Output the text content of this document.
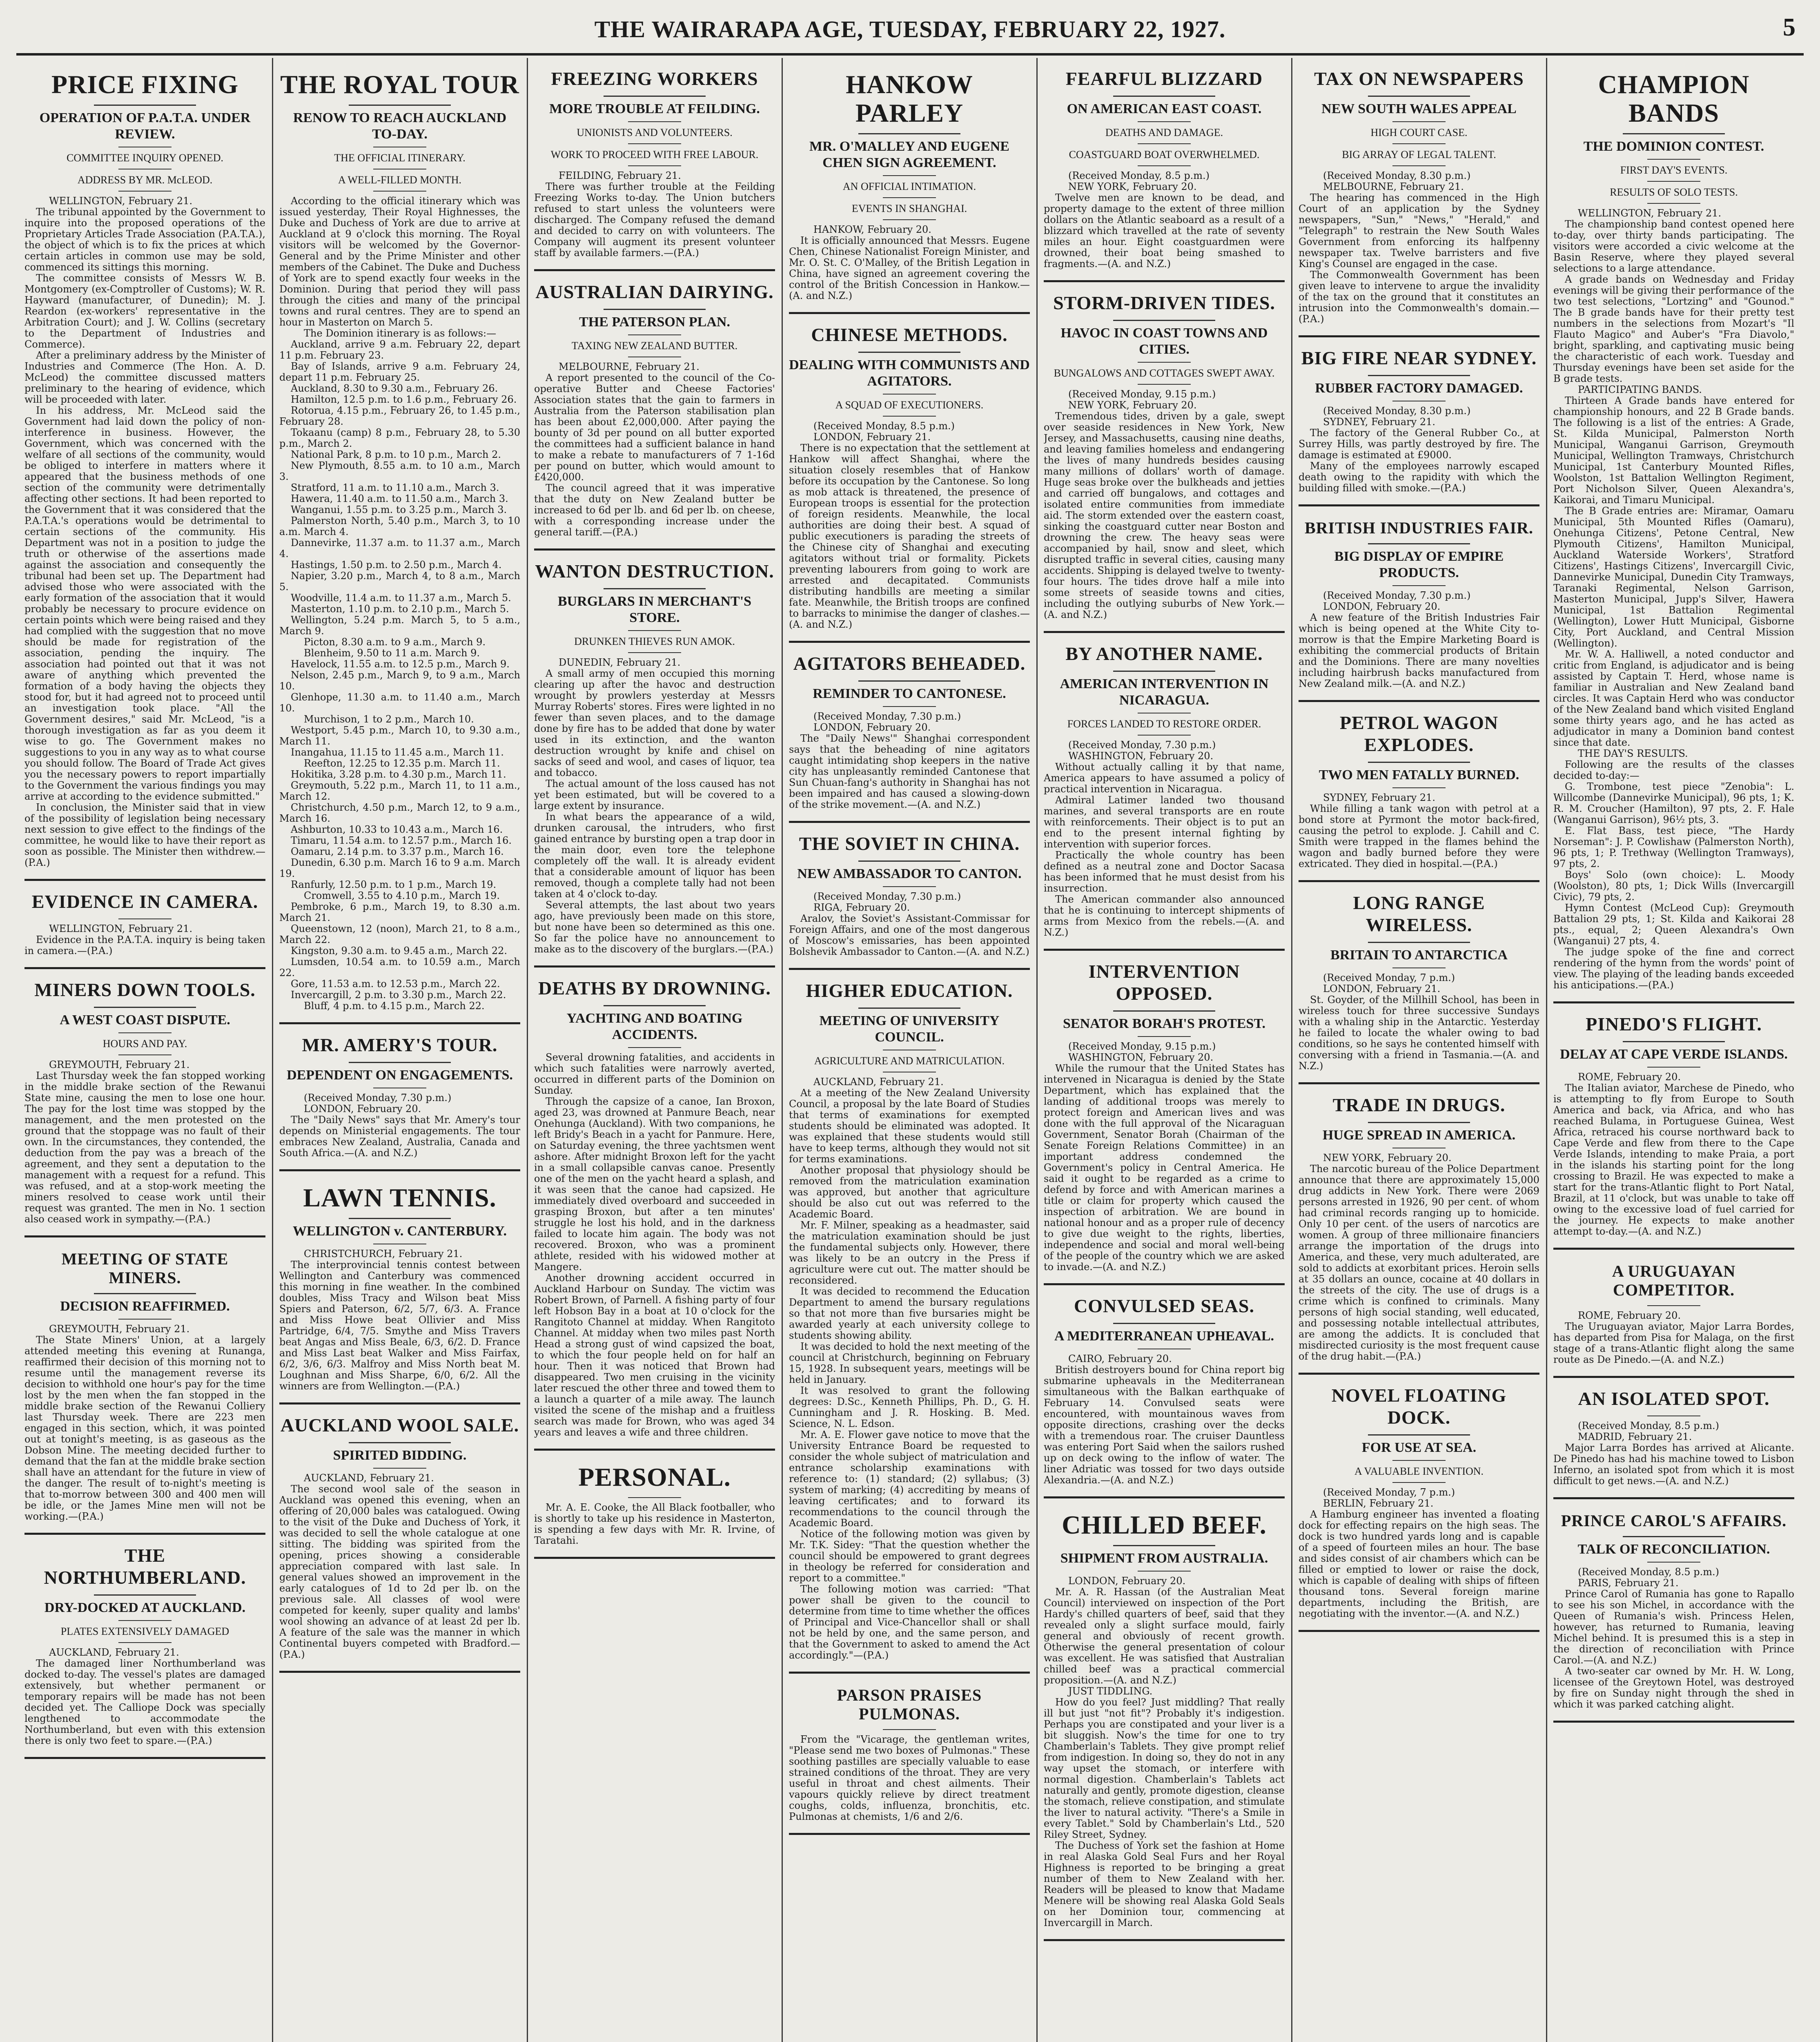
THE WAIRARAPA AGE, TUESDAY, FEBRUARY 22, 1927.	5
PRICE FIXING
OPERATION OF P.A.T.A. UNDER REVIEW.
COMMITTEE INQUIRY OPENED.
ADDRESS BY MR. McLEOD.

WELLINGTON, February 21.

The tribunal appointed by the Government to inquire into the proposed operations of the Proprietary Articles Trade Association (P.A.T.A.), the object of which is to fix the prices at which certain articles in common use may be sold, commenced its sittings this morning.

The committee consists of Messrs W. B. Montgomery (ex-Comptroller of Customs); W. R. Hayward (manufacturer, of Dunedin); M. J. Reardon (ex-workers' representative in the Arbitration Court); and J. W. Collins (secretary to the Department of Industries and Commerce).

After a preliminary address by the Minister of Industries and Commerce (The Hon. A. D. McLeod) the committee discussed matters preliminary to the hearing of evidence, which will be proceeded with later.

In his address, Mr. McLeod said the Government had laid down the policy of non-interference in business. However, the Government, which was concerned with the welfare of all sections of the community, would be obliged to interfere in matters where it appeared that the business methods of one section of the community were detrimentally affecting other sections. It had been reported to the Government that it was considered that the P.A.T.A.'s operations would be detrimental to certain sections of the community. His Department was not in a position to judge the truth or otherwise of the assertions made against the association and consequently the tribunal had been set up. The Department had advised those who were associated with the early formation of the association that it would probably be necessary to procure evidence on certain points which were being raised and they had complied with the suggestion that no move should be made for registration of the association, pending the inquiry. The association had pointed out that it was not aware of anything which prevented the formation of a body having the objects they stood for, but it had agreed not to proceed until an investigation took place. "All the Government desires," said Mr. McLeod, "is a thorough investigation as far as you deem it wise to go. The Government makes no suggestions to you in any way as to what course you should follow. The Board of Trade Act gives you the necessary powers to report impartially to the Government the various findings you may arrive at according to the evidence submitted."

In conclusion, the Minister said that in view of the possibility of legislation being necessary next session to give effect to the findings of the committee, he would like to have their report as soon as possible. The Minister then withdrew.—(P.A.)

EVIDENCE IN CAMERA.

WELLINGTON, February 21.

Evidence in the P.A.T.A. inquiry is being taken in camera.—(P.A.)

MINERS DOWN TOOLS.
A WEST COAST DISPUTE.
HOURS AND PAY.

GREYMOUTH, February 21.

Last Thursday week the fan stopped working in the middle brake section of the Rewanui State mine, causing the men to lose one hour. The pay for the lost time was stopped by the management, and the men protested on the ground that the stoppage was no fault of their own. In the circumstances, they contended, the deduction from the pay was a breach of the agreement, and they sent a deputation to the management with a request for a refund. This was refused, and at a stop-work meeting the miners resolved to cease work until their request was granted. The men in No. 1 section also ceased work in sympathy.—(P.A.)

MEETING OF STATE MINERS.
DECISION REAFFIRMED.

GREYMOUTH, February 21.

The State Miners' Union, at a largely attended meeting this evening at Runanga, reaffirmed their decision of this morning not to resume until the management reverse its decision to withhold one hour's pay for the time lost by the men when the fan stopped in the middle brake section of the Rewanui Colliery last Thursday week. There are 223 men engaged in this section, which, it was pointed out at tonight's meeting, is as gaseous as the Dobson Mine. The meeting decided further to demand that the fan at the middle brake section shall have an attendant for the future in view of the danger. The result of to-night's meeting is that to-morrow between 300 and 400 men will be idle, or the James Mine men will not be working.—(P.A.)

THE NORTHUMBERLAND.
DRY-DOCKED AT AUCKLAND.
PLATES EXTENSIVELY DAMAGED

AUCKLAND, February 21.

The damaged liner Northumberland was docked to-day. The vessel's plates are damaged extensively, but whether permanent or temporary repairs will be made has not been decided yet. The Calliope Dock was specially lengthened to accommodate the Northumberland, but even with this extension there is only two feet to spare.—(P.A.)

THE ROYAL TOUR
RENOW TO REACH AUCKLAND TO-DAY.
THE OFFICIAL ITINERARY.
A WELL-FILLED MONTH.

According to the official itinerary which was issued yesterday, Their Royal Highnesses, the Duke and Duchess of York are due to arrive at Auckland at 9 o'clock this morning. The Royal visitors will be welcomed by the Governor-General and by the Prime Minister and other members of the Cabinet. The Duke and Duchess of York are to spend exactly four weeks in the Dominion. During that period they will pass through the cities and many of the principal towns and rural centres. They are to spend an hour in Masterton on March 5.

The Dominion itinerary is as follows:—

Auckland, arrive 9 a.m. February 22, depart 11 p.m. February 23.

Bay of Islands, arrive 9 a.m. February 24, depart 11 p.m. February 25.

Auckland, 8.30 to 9.30 a.m., February 26.

Hamilton, 12.5 p.m. to 1.6 p.m., February 26.

Rotorua, 4.15 p.m., February 26, to 1.45 p.m., February 28.

Tokaanu (camp) 8 p.m., February 28, to 5.30 p.m., March 2.

National Park, 8 p.m. to 10 p.m., March 2.

New Plymouth, 8.55 a.m. to 10 a.m., March 3.

Stratford, 11 a.m. to 11.10 a.m., March 3.

Hawera, 11.40 a.m. to 11.50 a.m., March 3.

Wanganui, 1.55 p.m. to 3.25 p.m., March 3.

Palmerston North, 5.40 p.m., March 3, to 10 a.m. March 4.

Dannevirke, 11.37 a.m. to 11.37 a.m., March 4.

Hastings, 1.50 p.m. to 2.50 p.m., March 4.

Napier, 3.20 p.m., March 4, to 8 a.m., March 5.

Woodville, 11.4 a.m. to 11.37 a.m., March 5.

Masterton, 1.10 p.m. to 2.10 p.m., March 5.

Wellington, 5.24 p.m. March 5, to 5 a.m., March 9.

Picton, 8.30 a.m. to 9 a.m., March 9.

Blenheim, 9.50 to 11 a.m. March 9.

Havelock, 11.55 a.m. to 12.5 p.m., March 9.

Nelson, 2.45 p.m., March 9, to 9 a.m., March 10.

Glenhope, 11.30 a.m. to 11.40 a.m., March 10.

Murchison, 1 to 2 p.m., March 10.

Westport, 5.45 p.m., March 10, to 9.30 a.m., March 11.

Inangahua, 11.15 to 11.45 a.m., March 11.

Reefton, 12.25 to 12.35 p.m. March 11.

Hokitika, 3.28 p.m. to 4.30 p.m., March 11.

Greymouth, 5.22 p.m., March 11, to 11 a.m., March 12.

Christchurch, 4.50 p.m., March 12, to 9 a.m., March 16.

Ashburton, 10.33 to 10.43 a.m., March 16.

Timaru, 11.54 a.m. to 12.57 p.m., March 16.

Oamaru, 2.14 p.m. to 3.37 p.m., March 16.

Dunedin, 6.30 p.m. March 16 to 9 a.m. March 19.

Ranfurly, 12.50 p.m. to 1 p.m., March 19.

Cromwell, 3.55 to 4.10 p.m., March 19.

Pembroke, 6 p.m., March 19, to 8.30 a.m. March 21.

Queenstown, 12 (noon), March 21, to 8 a.m., March 22.

Kingston, 9.30 a.m. to 9.45 a.m., March 22.

Lumsden, 10.54 a.m. to 10.59 a.m., March 22.

Gore, 11.53 a.m. to 12.53 p.m., March 22.

Invercargill, 2 p.m. to 3.30 p.m., March 22.

Bluff, 4 p.m. to 4.15 p.m., March 22.

MR. AMERY'S TOUR.
DEPENDENT ON ENGAGEMENTS.

(Received Monday, 7.30 p.m.)

LONDON, February 20.

The "Daily News" says that Mr. Amery's tour depends on Ministerial engagements. The tour embraces New Zealand, Australia, Canada and South Africa.—(A. and N.Z.)

LAWN TENNIS.
WELLINGTON v. CANTERBURY.

CHRISTCHURCH, February 21.

The interprovincial tennis contest between Wellington and Canterbury was commenced this morning in fine weather. In the combined doubles, Miss Tracy and Wilson beat Miss Spiers and Paterson, 6/2, 5/7, 6/3. A. France and Miss Howe beat Ollivier and Miss Partridge, 6/4, 7/5. Smythe and Miss Travers beat Angas and Miss Beale, 6/3, 6/2. D. France and Miss Last beat Walker and Miss Fairfax, 6/2, 3/6, 6/3. Malfroy and Miss North beat M. Loughnan and Miss Sharpe, 6/0, 6/2. All the winners are from Wellington.—(P.A.)

AUCKLAND WOOL SALE.
SPIRITED BIDDING.

AUCKLAND, February 21.

The second wool sale of the season in Auckland was opened this evening, when an offering of 20,000 bales was catalogued. Owing to the visit of the Duke and Duchess of York, it was decided to sell the whole catalogue at one sitting. The bidding was spirited from the opening, prices showing a considerable appreciation compared with last sale. In general values showed an improvement in the early catalogues of 1d to 2d per lb. on the previous sale. All classes of wool were competed for keenly, super quality and lambs' wool showing an advance of at least 2d per lb. A feature of the sale was the manner in which Continental buyers competed with Bradford.—(P.A.)

FREEZING WORKERS
MORE TROUBLE AT FEILDING.
UNIONISTS AND VOLUNTEERS.
WORK TO PROCEED WITH FREE LABOUR.

FEILDING, February 21.

There was further trouble at the Feilding Freezing Works to-day. The Union butchers refused to start unless the volunteers were discharged. The Company refused the demand and decided to carry on with volunteers. The Company will augment its present volunteer staff by available farmers.—(P.A.)

AUSTRALIAN DAIRYING.
THE PATERSON PLAN.
TAXING NEW ZEALAND BUTTER.

MELBOURNE, February 21.

A report presented to the council of the Co-operative Butter and Cheese Factories' Association states that the gain to farmers in Australia from the Paterson stabilisation plan has been about £2,000,000. After paying the bounty of 3d per pound on all butter exported the committees had a sufficient balance in hand to make a rebate to manufacturers of 7 1-16d per pound on butter, which would amount to £420,000.

The council agreed that it was imperative that the duty on New Zealand butter be increased to 6d per lb. and 6d per lb. on cheese, with a corresponding increase under the general tariff.—(P.A.)

WANTON DESTRUCTION.
BURGLARS IN MERCHANT'S STORE.
DRUNKEN THIEVES RUN AMOK.

DUNEDIN, February 21.

A small army of men occupied this morning clearing up after the havoc and destruction wrought by prowlers yesterday at Messrs Murray Roberts' stores. Fires were lighted in no fewer than seven places, and to the damage done by fire has to be added that done by water used in its extinction, and the wanton destruction wrought by knife and chisel on sacks of seed and wool, and cases of liquor, tea and tobacco.

The actual amount of the loss caused has not yet been estimated, but will be covered to a large extent by insurance.

In what bears the appearance of a wild, drunken carousal, the intruders, who first gained entrance by bursting open a trap door in the main door, even tore the telephone completely off the wall. It is already evident that a considerable amount of liquor has been removed, though a complete tally had not been taken at 4 o'clock to-day.

Several attempts, the last about two years ago, have previously been made on this store, but none have been so determined as this one. So far the police have no announcement to make as to the discovery of the burglars.—(P.A.)

DEATHS BY DROWNING.
YACHTING AND BOATING ACCIDENTS.

Several drowning fatalities, and accidents in which such fatalities were narrowly averted, occurred in different parts of the Dominion on Sunday.

Through the capsize of a canoe, Ian Broxon, aged 23, was drowned at Panmure Beach, near Onehunga (Auckland). With two companions, he left Bridy's Beach in a yacht for Panmure. Here, on Saturday evening, the three yachtsmen went ashore. After midnight Broxon left for the yacht in a small collapsible canvas canoe. Presently one of the men on the yacht heard a splash, and it was seen that the canoe had capsized. He immediately dived overboard and succeeded in grasping Broxon, but after a ten minutes' struggle he lost his hold, and in the darkness failed to locate him again. The body was not recovered. Broxon, who was a prominent athlete, resided with his widowed mother at Mangere.

Another drowning accident occurred in Auckland Harbour on Sunday. The victim was Robert Brown, of Parnell. A fishing party of four left Hobson Bay in a boat at 10 o'clock for the Rangitoto Channel at midday. When Rangitoto Channel. At midday when two miles past North Head a strong gust of wind capsized the boat, to which the four people held on for half an hour. Then it was noticed that Brown had disappeared. Two men cruising in the vicinity later rescued the other three and towed them to a launch a quarter of a mile away. The launch visited the scene of the mishap and a fruitless search was made for Brown, who was aged 34 years and leaves a wife and three children.

PERSONAL.

Mr. A. E. Cooke, the All Black footballer, who is shortly to take up his residence in Masterton, is spending a few days with Mr. R. Irvine, of Taratahi.

HANKOW PARLEY
MR. O'MALLEY AND EUGENE CHEN SIGN AGREEMENT.
AN OFFICIAL INTIMATION.
EVENTS IN SHANGHAI.

HANKOW, February 20.

It is officially announced that Messrs. Eugene Chen, Chinese Nationalist Foreign Minister, and Mr. O. St. C. O'Malley, of the British Legation in China, have signed an agreement covering the control of the British Concession in Hankow.—(A. and N.Z.)

CHINESE METHODS.
DEALING WITH COMMUNISTS AND AGITATORS.
A SQUAD OF EXECUTIONERS.

(Received Monday, 8.5 p.m.)

LONDON, February 21.

There is no expectation that the settlement at Hankow will affect Shanghai, where the situation closely resembles that of Hankow before its occupation by the Cantonese. So long as mob attack is threatened, the presence of European troops is essential for the protection of foreign residents. Meanwhile, the local authorities are doing their best. A squad of public executioners is parading the streets of the Chinese city of Shanghai and executing agitators without trial or formality. Pickets preventing labourers from going to work are arrested and decapitated. Communists distributing handbills are meeting a similar fate. Meanwhile, the British troops are confined to barracks to minimise the danger of clashes.—(A. and N.Z.)

AGITATORS BEHEADED.
REMINDER TO CANTONESE.

(Received Monday, 7.30 p.m.)

LONDON, February 20.

The "Daily News'" Shanghai correspondent says that the beheading of nine agitators caught intimidating shop keepers in the native city has unpleasantly reminded Cantonese that Sun Chuan-fang's authority in Shanghai has not been impaired and has caused a slowing-down of the strike movement.—(A. and N.Z.)

THE SOVIET IN CHINA.
NEW AMBASSADOR TO CANTON.

(Received Monday, 7.30 p.m.)

RIGA, February 20.

Aralov, the Soviet's Assistant-Commissar for Foreign Affairs, and one of the most dangerous of Moscow's emissaries, has been appointed Bolshevik Ambassador to Canton.—(A. and N.Z.)

HIGHER EDUCATION.
MEETING OF UNIVERSITY COUNCIL.
AGRICULTURE AND MATRICULATION.

AUCKLAND, February 21.

At a meeting of the New Zealand University Council, a proposal by the late Board of Studies that terms of examinations for exempted students should be eliminated was adopted. It was explained that these students would still have to keep terms, although they would not sit for terms examinations.

Another proposal that physiology should be removed from the matriculation examination was approved, but another that agriculture should be also cut out was referred to the Academic Board.

Mr. F. Milner, speaking as a headmaster, said the matriculation examination should be just the fundamental subjects only. However, there was likely to be an outcry in the Press if agriculture were cut out. The matter should be reconsidered.

It was decided to recommend the Education Department to amend the bursary regulations so that not more than five bursaries might be awarded yearly at each university college to students showing ability.

It was decided to hold the next meeting of the council at Christchurch, beginning on February 15, 1928. In subsequent years, meetings will be held in January.

It was resolved to grant the following degrees: D.Sc., Kenneth Phillips, Ph. D., G. H. Cunningham and J. R. Hosking. B. Med. Science, N. L. Edson.

Mr. A. E. Flower gave notice to move that the University Entrance Board be requested to consider the whole subject of matriculation and entrance scholarship examinations with reference to: (1) standard; (2) syllabus; (3) system of marking; (4) accrediting by means of leaving certificates; and to forward its recommendations to the council through the Academic Board.

Notice of the following motion was given by Mr. T.K. Sidey: "That the question whether the council should be empowered to grant degrees in theology be referred for consideration and report to a committee."

The following motion was carried: "That power shall be given to the council to determine from time to time whether the offices of Principal and Vice-Chancellor shall or shall not be held by one, and the same person, and that the Government to asked to amend the Act accordingly."—(P.A.)

PARSON PRAISES PULMONAS.

From the "Vicarage, the gentleman writes, "Please send me two boxes of Pulmonas." These soothing pastilles are specially valuable to ease strained conditions of the throat. They are very useful in throat and chest ailments. Their vapours quickly relieve by direct treatment coughs, colds, influenza, bronchitis, etc. Pulmonas at chemists, 1/6 and 2/6.

FEARFUL BLIZZARD
ON AMERICAN EAST COAST.
DEATHS AND DAMAGE.
COASTGUARD BOAT OVERWHELMED.

(Received Monday, 8.5 p.m.)

NEW YORK, February 20.

Twelve men are known to be dead, and property damage to the extent of three million dollars on the Atlantic seaboard as a result of a blizzard which travelled at the rate of seventy miles an hour. Eight coastguardmen were drowned, their boat being smashed to fragments.—(A. and N.Z.)

STORM-DRIVEN TIDES.
HAVOC IN COAST TOWNS AND CITIES.
BUNGALOWS AND COTTAGES SWEPT AWAY.

(Received Monday, 9.15 p.m.)

NEW YORK, February 20.

Tremendous tides, driven by a gale, swept over seaside residences in New York, New Jersey, and Massachusetts, causing nine deaths, and leaving families homeless and endangering the lives of many hundreds besides causing many millions of dollars' worth of damage. Huge seas broke over the bulkheads and jetties and carried off bungalows, and cottages and isolated entire communities from immediate aid. The storm extended over the eastern coast, sinking the coastguard cutter near Boston and drowning the crew. The heavy seas were accompanied by hail, snow and sleet, which disrupted traffic in several cities, causing many accidents. Shipping is delayed twelve to twenty-four hours. The tides drove half a mile into some streets of seaside towns and cities, including the outlying suburbs of New York.—(A. and N.Z.)

BY ANOTHER NAME.
AMERICAN INTERVENTION IN NICARAGUA.
FORCES LANDED TO RESTORE ORDER.

(Received Monday, 7.30 p.m.)

WASHINGTON, February 20.

Without actually calling it by that name, America appears to have assumed a policy of practical intervention in Nicaragua.

Admiral Latimer landed two thousand marines, and several transports are en route with reinforcements. Their object is to put an end to the present internal fighting by intervention with superior forces.

Practically the whole country has been defined as a neutral zone and Doctor Sacasa has been informed that he must desist from his insurrection.

The American commander also announced that he is continuing to intercept shipments of arms from Mexico from the rebels.—(A. and N.Z.)

INTERVENTION OPPOSED.
SENATOR BORAH'S PROTEST.

(Received Monday, 9.15 p.m.)

WASHINGTON, February 20.

While the rumour that the United States has intervened in Nicaragua is denied by the State Department, which has explained that the landing of additional troops was merely to protect foreign and American lives and was done with the full approval of the Nicaraguan Government, Senator Borah (Chairman of the Senate Foreign Relations Committee) in an important address condemned the Government's policy in Central America. He said it ought to be regarded as a crime to defend by force and with American marines a title or claim for property which caused the inspection of arbitration. We are bound in national honour and as a proper rule of decency to give due weight to the rights, liberties, independence and social and moral well-being of the people of the country which we are asked to invade.—(A. and N.Z.)

CONVULSED SEAS.
A MEDITERRANEAN UPHEAVAL.

CAIRO, February 20.

British destroyers bound for China report big submarine upheavals in the Mediterranean simultaneous with the Balkan earthquake of February 14. Convulsed seats were encountered, with mountainous waves from opposite directions, crashing over the decks with a tremendous roar. The cruiser Dauntless was entering Port Said when the sailors rushed up on deck owing to the inflow of water. The liner Adriatic was tossed for two days outside Alexandria.—(A. and N.Z.)

CHILLED BEEF.
SHIPMENT FROM AUSTRALIA.

LONDON, February 20.

Mr. A. R. Hassan (of the Australian Meat Council) interviewed on inspection of the Port Hardy's chilled quarters of beef, said that they revealed only a slight surface mould, fairly general and obviously of recent growth. Otherwise the general presentation of colour was excellent. He was satisfied that Australian chilled beef was a practical commercial proposition.—(A. and N.Z.)

JUST TIDDLING.

How do you feel? Just middling? That really ill but just "not fit"? Probably it's indigestion. Perhaps you are constipated and your liver is a bit sluggish. Now's the time for one to try Chamberlain's Tablets. They give prompt relief from indigestion. In doing so, they do not in any way upset the stomach, or interfere with normal digestion. Chamberlain's Tablets act naturally and gently, promote digestion, cleanse the stomach, relieve constipation, and stimulate the liver to natural activity. "There's a Smile in every Tablet." Sold by Chamberlain's Ltd., 520 Riley Street, Sydney.

The Duchess of York set the fashion at Home in real Alaska Gold Seal Furs and her Royal Highness is reported to be bringing a great number of them to New Zealand with her. Readers will be pleased to know that Madame Menere will be showing real Alaska Gold Seals on her Dominion tour, commencing at Invercargill in March.

TAX ON NEWSPAPERS
NEW SOUTH WALES APPEAL
HIGH COURT CASE.
BIG ARRAY OF LEGAL TALENT.

(Received Monday, 8.30 p.m.)

MELBOURNE, February 21.

The hearing has commenced in the High Court of an application by the Sydney newspapers, "Sun," "News," "Herald," and "Telegraph" to restrain the New South Wales Government from enforcing its halfpenny newspaper tax. Twelve barristers and five King's Counsel are engaged in the case.

The Commonwealth Government has been given leave to intervene to argue the invalidity of the tax on the ground that it constitutes an intrusion into the Commonwealth's domain.—(P.A.)

BIG FIRE NEAR SYDNEY.
RUBBER FACTORY DAMAGED.

(Received Monday, 8.30 p.m.)

SYDNEY, February 21.

The factory of the General Rubber Co., at Surrey Hills, was partly destroyed by fire. The damage is estimated at £9000.

Many of the employees narrowly escaped death owing to the rapidity with which the building filled with smoke.—(P.A.)

BRITISH INDUSTRIES FAIR.
BIG DISPLAY OF EMPIRE PRODUCTS.

(Received Monday, 7.30 p.m.)

LONDON, February 20.

A new feature of the British Industries Fair which is being opened at the White City to-morrow is that the Empire Marketing Board is exhibiting the commercial products of Britain and the Dominions. There are many novelties including hairbrush backs manufactured from New Zealand milk.—(A. and N.Z.)

PETROL WAGON EXPLODES.
TWO MEN FATALLY BURNED.

SYDNEY, February 21.

While filling a tank wagon with petrol at a bond store at Pyrmont the motor back-fired, causing the petrol to explode. J. Cahill and C. Smith were trapped in the flames behind the wagon and badly burned before they were extricated. They died in hospital.—(P.A.)

LONG RANGE WIRELESS.
BRITAIN TO ANTARCTICA

(Received Monday, 7 p.m.)

LONDON, February 21.

St. Goyder, of the Millhill School, has been in wireless touch for three successive Sundays with a whaling ship in the Antarctic. Yesterday he failed to locate the whaler owing to bad conditions, so he says he contented himself with conversing with a friend in Tasmania.—(A. and N.Z.)

TRADE IN DRUGS.
HUGE SPREAD IN AMERICA.

NEW YORK, February 20.

The narcotic bureau of the Police Department announce that there are approximately 15,000 drug addicts in New York. There were 2069 persons arrested in 1926, 90 per cent. of whom had criminal records ranging up to homicide. Only 10 per cent. of the users of narcotics are women. A group of three millionaire financiers arrange the importation of the drugs into America, and these, very much adulterated, are sold to addicts at exorbitant prices. Heroin sells at 35 dollars an ounce, cocaine at 40 dollars in the streets of the city. The use of drugs is a crime which is confined to criminals. Many persons of high social standing, well educated, and possessing notable intellectual attributes, are among the addicts. It is concluded that misdirected curiosity is the most frequent cause of the drug habit.—(P.A.)

NOVEL FLOATING DOCK.
FOR USE AT SEA.
A VALUABLE INVENTION.

(Received Monday, 7 p.m.)

BERLIN, February 21.

A Hamburg engineer has invented a floating dock for effecting repairs on the high seas. The dock is two hundred yards long and is capable of a speed of fourteen miles an hour. The base and sides consist of air chambers which can be filled or emptied to lower or raise the dock, which is capable of dealing with ships of fifteen thousand tons. Several foreign marine departments, including the British, are negotiating with the inventor.—(A. and N.Z.)

CHAMPION BANDS
THE DOMINION CONTEST.
FIRST DAY'S EVENTS.
RESULTS OF SOLO TESTS.

WELLINGTON, February 21.

The championship band contest opened here to-day, over thirty bands participating. The visitors were accorded a civic welcome at the Basin Reserve, where they played several selections to a large attendance.

A grade bands on Wednesday and Friday evenings will be giving their performance of the two test selections, "Lortzing" and "Gounod." The B grade bands have for their pretty test numbers in the selections from Mozart's "Il Flauto Magico" and Auber's "Fra Diavolo," bright, sparkling, and captivating music being the characteristic of each work. Tuesday and Thursday evenings have been set aside for the B grade tests.

PARTICIPATING BANDS.

Thirteen A Grade bands have entered for championship honours, and 22 B Grade bands. The following is a list of the entries: A Grade, St. Kilda Municipal, Palmerston North Municipal, Wanganui Garrison, Greymouth Municipal, Wellington Tramways, Christchurch Municipal, 1st Canterbury Mounted Rifles, Woolston, 1st Battalion Wellington Regiment, Port Nicholson Silver, Queen Alexandra's, Kaikorai, and Timaru Municipal.

The B Grade entries are: Miramar, Oamaru Municipal, 5th Mounted Rifles (Oamaru), Onehunga Citizens', Petone Central, New Plymouth Citizens', Hamilton Municipal, Auckland Waterside Workers', Stratford Citizens', Hastings Citizens', Invercargill Civic, Dannevirke Municipal, Dunedin City Tramways, Taranaki Regimental, Nelson Garrison, Masterton Municipal, Jupp's Silver, Hawera Municipal, 1st Battalion Regimental (Wellington), Lower Hutt Municipal, Gisborne City, Port Auckland, and Central Mission (Wellington).

Mr. W. A. Halliwell, a noted conductor and critic from England, is adjudicator and is being assisted by Captain T. Herd, whose name is familiar in Australian and New Zealand band circles. It was Captain Herd who was conductor of the New Zealand band which visited England some thirty years ago, and he has acted as adjudicator in many a Dominion band contest since that date.

THE DAY'S RESULTS.

Following are the results of the classes decided to-day:—

G. Trombone, test piece "Zenobia": L. Willcombe (Dannevirke Municipal), 96 pts, 1; K. R. M. Croucher (Hamilton), 97 pts, 2. F. Hale (Wanganui Garrison), 96½ pts, 3.

E. Flat Bass, test piece, "The Hardy Norseman": J. P. Cowlishaw (Palmerston North), 96 pts, 1; P. Trethway (Wellington Tramways), 97 pts, 2.

Boys' Solo (own choice): L. Moody (Woolston), 80 pts, 1; Dick Wills (Invercargill Civic), 79 pts, 2.

Hymn Contest (McLeod Cup): Greymouth Battalion 29 pts, 1; St. Kilda and Kaikorai 28 pts., equal, 2; Queen Alexandra's Own (Wanganui) 27 pts, 4.

The judge spoke of the fine and correct rendering of the hymn from the words' point of view. The playing of the leading bands exceeded his anticipations.—(P.A.)

PINEDO'S FLIGHT.
DELAY AT CAPE VERDE ISLANDS.

ROME, February 20.

The Italian aviator, Marchese de Pinedo, who is attempting to fly from Europe to South America and back, via Africa, and who has reached Bulama, in Portuguese Guinea, West Africa, retraced his course northward back to Cape Verde and flew from there to the Cape Verde Islands, intending to make Praia, a port in the islands his starting point for the long crossing to Brazil. He was expected to make a start for the trans-Atlantic flight to Port Natal, Brazil, at 11 o'clock, but was unable to take off owing to the excessive load of fuel carried for the journey. He expects to make another attempt to-day.—(A. and N.Z.)

A URUGUAYAN COMPETITOR.

ROME, February 20.

The Uruguayan aviator, Major Larra Bordes, has departed from Pisa for Malaga, on the first stage of a trans-Atlantic flight along the same route as De Pinedo.—(A. and N.Z.)

AN ISOLATED SPOT.

(Received Monday, 8.5 p.m.)

MADRID, February 21.

Major Larra Bordes has arrived at Alicante. De Pinedo has had his machine towed to Lisbon Inferno, an isolated spot from which it is most difficult to get news.—(A. and N.Z.)

PRINCE CAROL'S AFFAIRS.
TALK OF RECONCILIATION.

(Received Monday, 8.5 p.m.)

PARIS, February 21.

Prince Carol of Rumania has gone to Rapallo to see his son Michel, in accordance with the Queen of Rumania's wish. Princess Helen, however, has returned to Rumania, leaving Michel behind. It is presumed this is a step in the direction of reconciliation with Prince Carol.—(A. and N.Z.)

A two-seater car owned by Mr. H. W. Long, licensee of the Greytown Hotel, was destroyed by fire on Sunday night through the shed in which it was parked catching alight.
